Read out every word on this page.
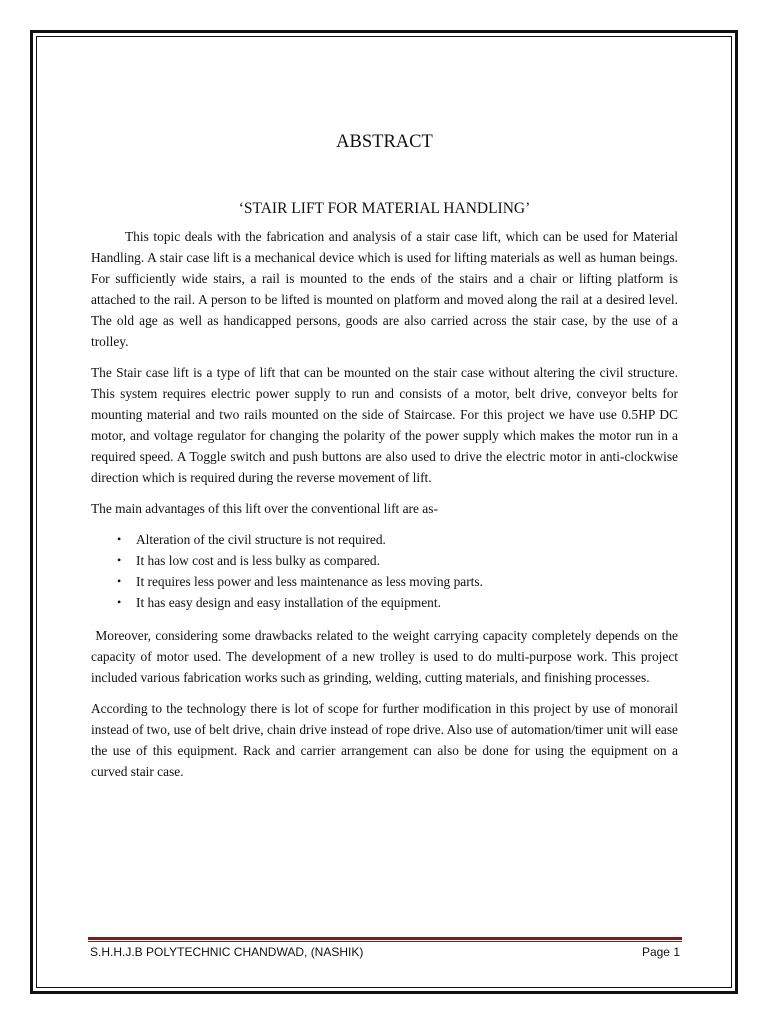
ABSTRACT
‘STAIR LIFT FOR MATERIAL HANDLING’

This topic deals with the fabrication and analysis of a stair case lift, which can be used for Material Handling. A stair case lift is a mechanical device which is used for lifting materials as well as human beings. For sufficiently wide stairs, a rail is mounted to the ends of the stairs and a chair or lifting platform is attached to the rail. A person to be lifted is mounted on platform and moved along the rail at a desired level. The old age as well as handicapped persons, goods are also carried across the stair case, by the use of a trolley.

The Stair case lift is a type of lift that can be mounted on the stair case without altering the civil structure. This system requires electric power supply to run and consists of a motor, belt drive, conveyor belts for mounting material and two rails mounted on the side of Staircase. For this project we have use 0.5HP DC motor, and voltage regulator for changing the polarity of the power supply which makes the motor run in a required speed. A Toggle switch and push buttons are also used to drive the electric motor in anti-clockwise direction which is required during the reverse movement of lift.

The main advantages of this lift over the conventional lift are as-

• Alteration of the civil structure is not required.
• It has low cost and is less bulky as compared.
• It requires less power and less maintenance as less moving parts.
• It has easy design and easy installation of the equipment.

Moreover, considering some drawbacks related to the weight carrying capacity completely depends on the capacity of motor used. The development of a new trolley is used to do multi-purpose work. This project included various fabrication works such as grinding, welding, cutting materials, and finishing processes.

According to the technology there is lot of scope for further modification in this project by use of monorail instead of two, use of belt drive, chain drive instead of rope drive. Also use of automation/timer unit will ease the use of this equipment. Rack and carrier arrangement can also be done for using the equipment on a curved stair case.

S.H.H.J.B POLYTECHNIC CHANDWAD, (NASHIK)	Page 1
